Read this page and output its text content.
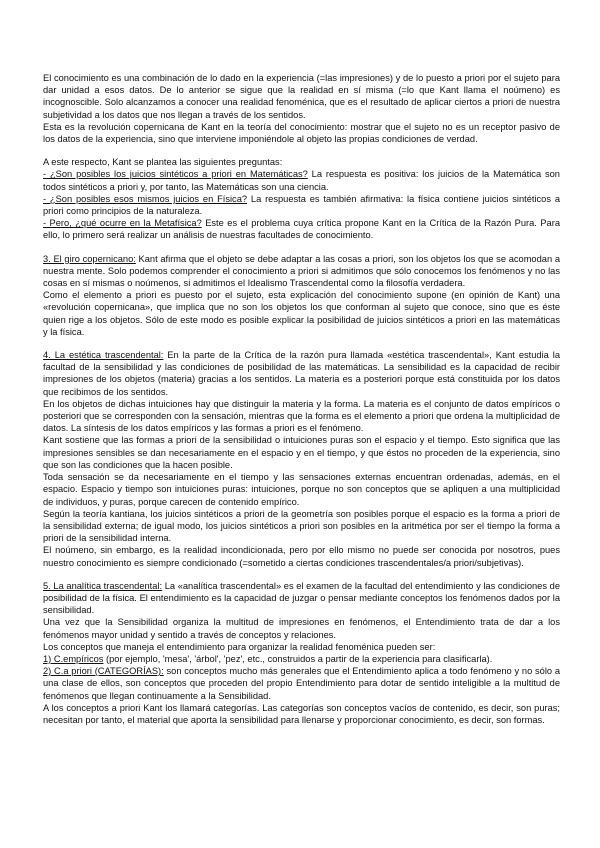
El conocimiento es una combinación de lo dado en la experiencia (=las impresiones) y de lo puesto a priori por el sujeto para dar unidad a esos datos. De lo anterior se sigue que la realidad en sí misma (=lo que Kant llama el noúmeno) es incognoscible. Solo alcanzamos a conocer una realidad fenoménica, que es el resultado de aplicar ciertos a priori de nuestra subjetividad a los datos que nos llegan a través de los sentidos.

Esta es la revolución copernicana de Kant en la teoría del conocimiento: mostrar que el sujeto no es un receptor pasivo de los datos de la experiencia, sino que interviene imponiéndole al objeto las propias condiciones de verdad.

A este respecto, Kant se plantea las siguientes preguntas:

- ¿Son posibles los juicios sintéticos a priori en Matemáticas? La respuesta es positiva: los juicios de la Matemática son todos sintéticos a priori y, por tanto, las Matemáticas son una ciencia.

- ¿Son posibles esos mismos juicios en Física? La respuesta es también afirmativa: la física contiene juicios sintéticos a priori como principios de la naturaleza.

- Pero, ¿qué ocurre en la Metafísica? Este es el problema cuya crítica propone Kant en la Crítica de la Razón Pura. Para ello, lo primero será realizar un análisis de nuestras facultades de conocimiento.

3. El giro copernicano: Kant afirma que el objeto se debe adaptar a las cosas a priori, son los objetos los que se acomodan a nuestra mente. Solo podemos comprender el conocimiento a priori si admitimos que sólo conocemos los fenómenos y no las cosas en sí mismas o noúmenos, si admitimos el Idealismo Trascendental como la filosofía verdadera.

Como el elemento a priori es puesto por el sujeto, esta explicación del conocimiento supone (en opinión de Kant) una «revolución copernicana», que implica que no son los objetos los que conforman al sujeto que conoce, sino que es éste quien rige a los objetos. Sólo de este modo es posible explicar la posibilidad de juicios sintéticos a priori en las matemáticas y la física.

4. La estética trascendental: En la parte de la Crítica de la razón pura llamada «estética trascendental», Kant estudia la facultad de la sensibilidad y las condiciones de posibilidad de las matemáticas. La sensibilidad es la capacidad de recibir impresiones de los objetos (materia) gracias a los sentidos. La materia es a posteriori porque está constituida por los datos que recibimos de los sentidos.

En los objetos de dichas intuiciones hay que distinguir la materia y la forma. La materia es el conjunto de datos empíricos o posteriori que se corresponden con la sensación, mientras que la forma es el elemento a priori que ordena la multiplicidad de datos. La síntesis de los datos empíricos y las formas a priori es el fenómeno.

Kant sostiene que las formas a priori de la sensibilidad o intuiciones puras son el espacio y el tiempo. Esto significa que las impresiones sensibles se dan necesariamente en el espacio y en el tiempo, y que éstos no proceden de la experiencia, sino que son las condiciones que la hacen posible.

Toda sensación se da necesariamente en el tiempo y las sensaciones externas encuentran ordenadas, además, en el espacio. Espacio y tiempo son intuiciones puras: intuiciones, porque no son conceptos que se apliquen a una multiplicidad de individuos, y puras, porque carecen de contenido empírico.

Según la teoría kantiana, los juicios sintéticos a priori de la geometría son posibles porque el espacio es la forma a priori de la sensibilidad externa; de igual modo, los juicios sintéticos a priori son posibles en la aritmética por ser el tiempo la forma a priori de la sensibilidad interna.

El noúmeno, sin embargo, es la realidad incondicionada, pero por ello mismo no puede ser conocida por nosotros, pues nuestro conocimiento es siempre condicionado (=sometido a ciertas condiciones trascendentales/a priori/subjetivas).

5. La analítica trascendental: La «analítica trascendental» es el examen de la facultad del entendimiento y las condiciones de posibilidad de la física. El entendimiento es la capacidad de juzgar o pensar mediante conceptos los fenómenos dados por la sensibilidad.

Una vez que la Sensibilidad organiza la multitud de impresiones en fenómenos, el Entendimiento trata de dar a los fenómenos mayor unidad y sentido a través de conceptos y relaciones.

Los conceptos que maneja el entendimiento para organizar la realidad fenoménica pueden ser:

1) C.empíricos (por ejemplo, 'mesa', 'árbol', 'pez', etc., construidos a partir de la experiencia para clasificarla).

2) C.a priori (CATEGORÍAS): son conceptos mucho más generales que el Entendimiento aplica a todo fenómeno y no sólo a una clase de ellos, son conceptos que proceden del propio Entendimiento para dotar de sentido inteligible a la multitud de fenómenos que llegan continuamente a la Sensibilidad.

A los conceptos a priori Kant los llamará categorías. Las categorías son conceptos vacíos de contenido, es decir, son puras; necesitan por tanto, el material que aporta la sensibilidad para llenarse y proporcionar conocimiento, es decir, son formas.
